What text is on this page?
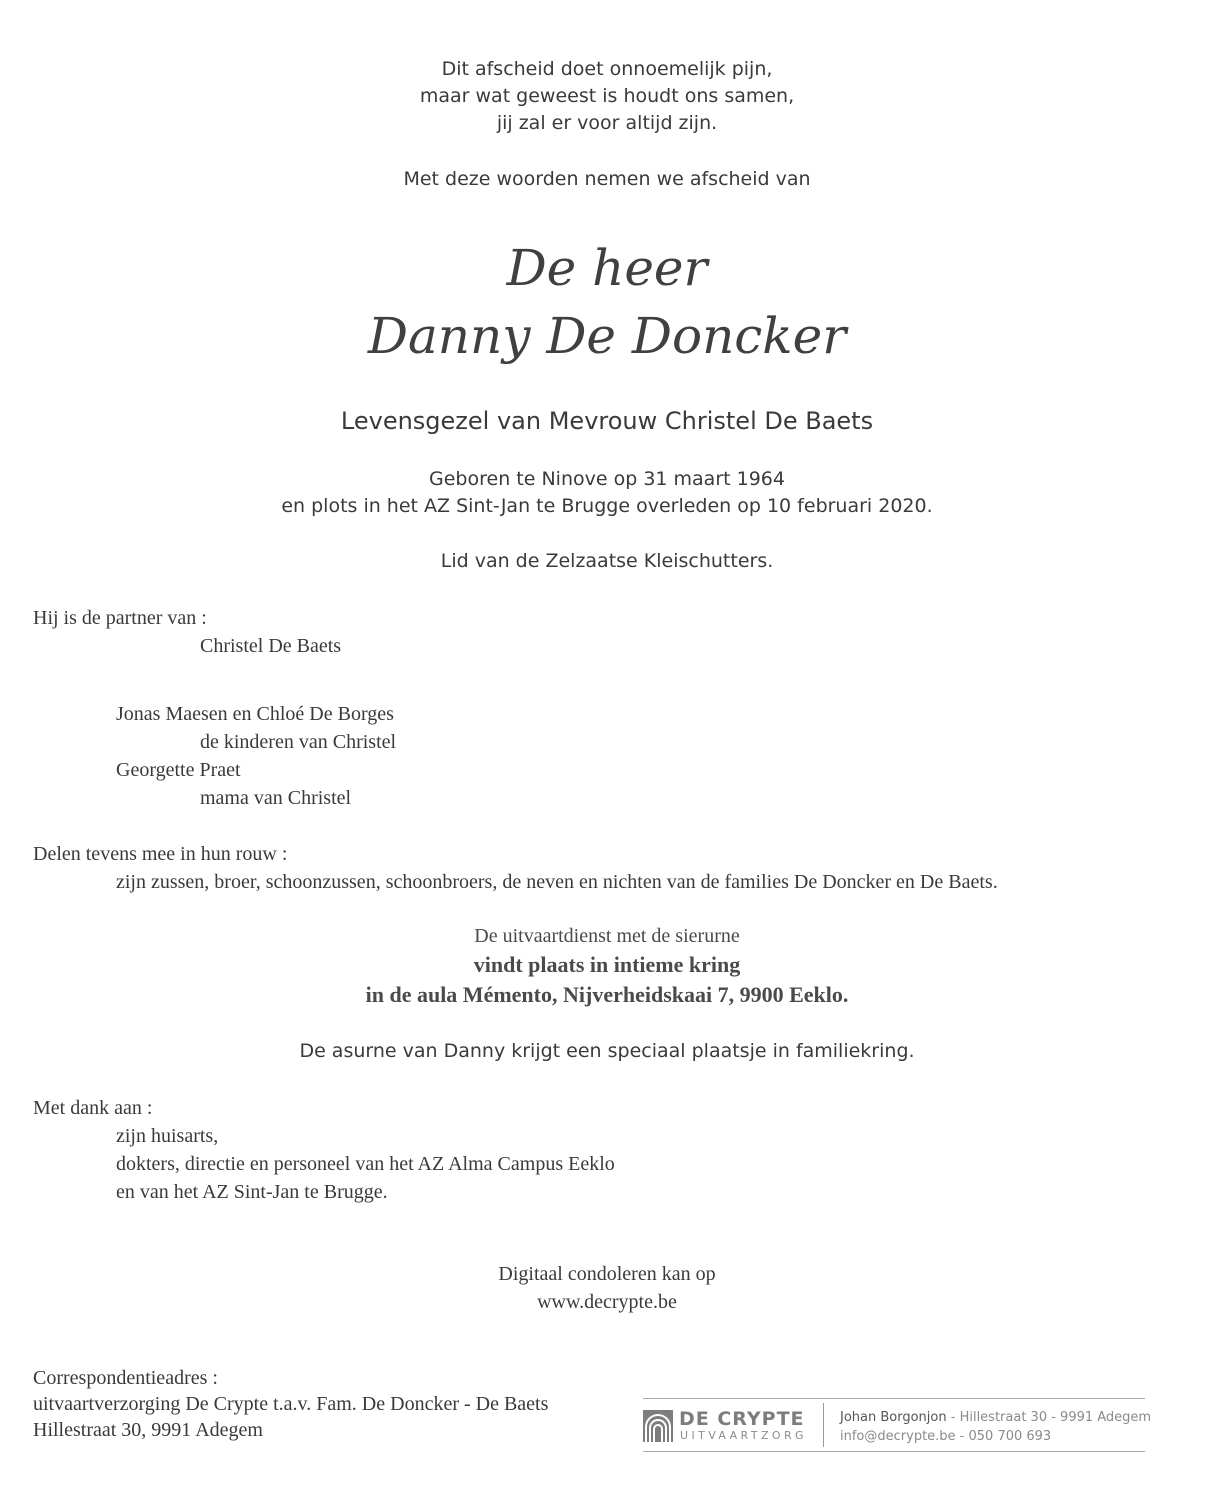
Dit afscheid doet onnoemelijk pijn,
maar wat geweest is houdt ons samen,
jij zal er voor altijd zijn.
Met deze woorden nemen we afscheid van
De heer
Danny De Doncker
Levensgezel van Mevrouw Christel De Baets
Geboren te Ninove op 31 maart 1964
en plots in het AZ Sint-Jan te Brugge overleden op 10 februari 2020.
Lid van de Zelzaatse Kleischutters.
Hij is de partner van :
Christel De Baets
Jonas Maesen en Chloé De Borges
de kinderen van Christel
Georgette Praet
mama van Christel
Delen tevens mee in hun rouw :
zijn zussen, broer, schoonzussen, schoonbroers, de neven en nichten van de families De Doncker en De Baets.
De uitvaartdienst met de sierurne
vindt plaats in intieme kring
in de aula Mémento, Nijverheidskaai 7, 9900 Eeklo.
De asurne van Danny krijgt een speciaal plaatsje in familiekring.
Met dank aan :
zijn huisarts,
dokters, directie en personeel van het AZ Alma Campus Eeklo
en van het AZ Sint-Jan te Brugge.
Digitaal condoleren kan op
www.decrypte.be
Correspondentieadres :
uitvaartverzorging De Crypte t.a.v. Fam. De Doncker - De Baets
Hillestraat 30, 9991 Adegem	DE CRYPTE
UITVAARTZORG
Johan Borgonjon - Hillestraat 30 - 9991 Adegem
info@decrypte.be - 050 700 693
